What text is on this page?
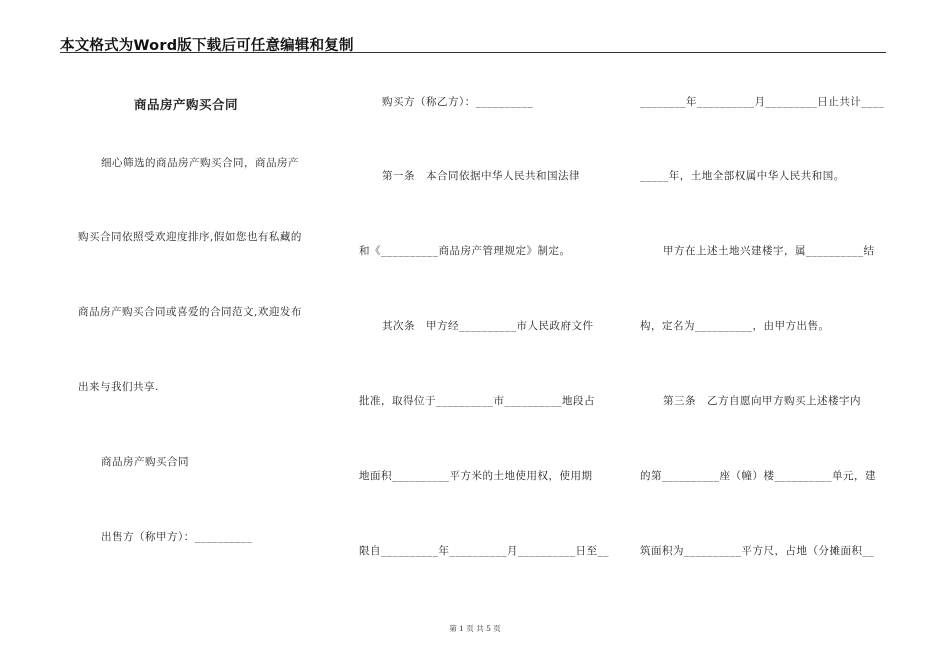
本文格式为Word版下载后可任意编辑和复制
商品房产购买合同
细心筛选的商品房产购买合同，商品房产
购买合同依照受欢迎度排序,假如您也有私藏的
商品房产购买合同或喜爱的合同范文,欢迎发布
出来与我们共享.
商品房产购买合同
出售方（称甲方）：__________
购买方（称乙方）：__________
第一条　本合同依据中华人民共和国法律
和《__________商品房产管理规定》制定。
其次条　甲方经__________市人民政府文件
批准，取得位于__________市__________地段占
地面积__________平方米的土地使用权，使用期
限自__________年__________月__________日至__
________年__________月_________日止共计____
_____年，土地全部权属中华人民共和国。
甲方在上述土地兴建楼宇，属__________结
构，定名为__________，由甲方出售。
第三条　乙方自愿向甲方购买上述楼宇内
的第__________座（幢）楼__________单元，建
筑面积为__________平方尺，占地（分摊面积__
第 1 页 共 5 页
